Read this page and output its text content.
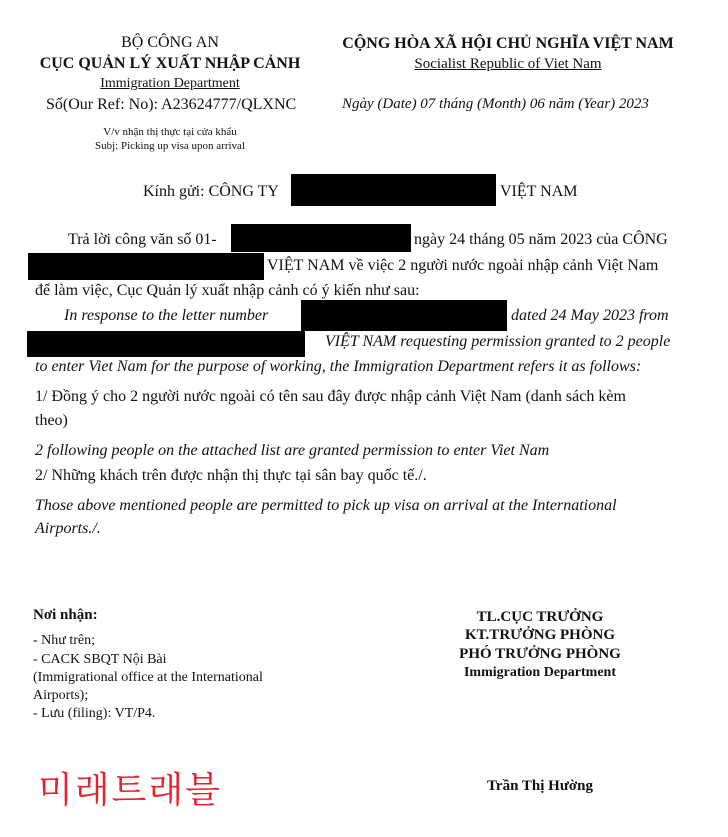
BỘ CÔNG AN
CỤC QUẢN LÝ XUẤT NHẬP CẢNH
Immigration Department
Số(Our Ref: No): A23624777/QLXNC
V/v nhận thị thực tại cửa khẩu
Subj: Picking up visa upon arrival
CỘNG HÒA XÃ HỘI CHỦ NGHĨA VIỆT NAM
Socialist Republic of Viet Nam
Ngày (Date) 07 tháng (Month) 06 năm (Year) 2023
Kính gửi: CÔNG TY	VIỆT NAM
Trả lời công văn số 01-	ngày 24 tháng 05 năm 2023 của CÔNG
VIỆT NAM về việc 2 người nước ngoài nhập cảnh Việt Nam
để làm việc, Cục Quản lý xuất nhập cảnh có ý kiến như sau:
In response to the letter number	dated 24 May 2023 from
VIỆT NAM requesting permission granted to 2 people
to enter Viet Nam for the purpose of working, the Immigration Department refers it as follows:
1/ Đồng ý cho 2 người nước ngoài có tên sau đây được nhập cảnh Việt Nam (danh sách kèm
theo)
2 following people on the attached list are granted permission to enter Viet Nam
2/ Những khách trên được nhận thị thực tại sân bay quốc tế./.
Those above mentioned people are permitted to pick up visa on arrival at the International
Airports./.
Nơi nhận:
- Như trên;
- CACK SBQT Nội Bài
(Immigrational office at the International
Airports);
- Lưu (filing): VT/P4.
TL.CỤC TRƯỞNG
KT.TRƯỞNG PHÒNG
PHÓ TRƯỞNG PHÒNG
Immigration Department
Trần Thị Hường
미래트래블
